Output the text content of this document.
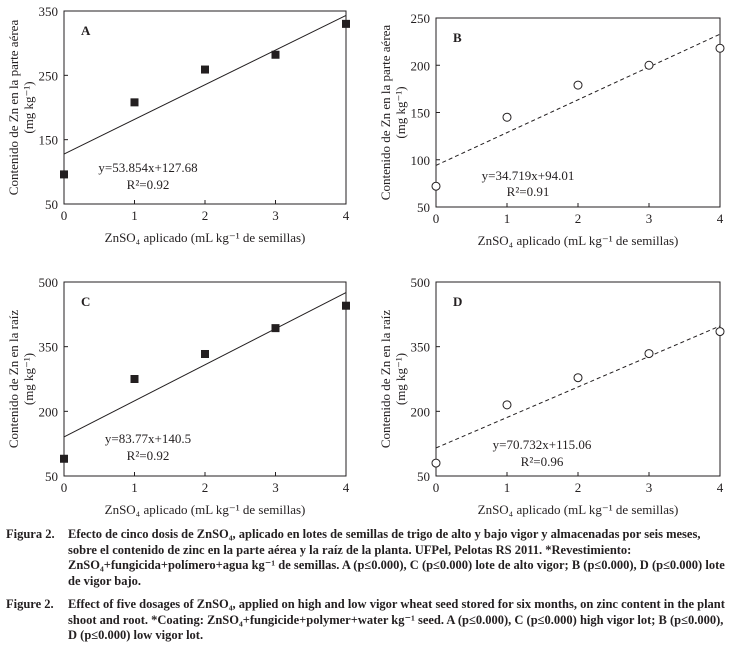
0	1	2	3	4
50
150
250
350
A
y=53.854x+127.68
R²=0.92
ZnSO₄ aplicado (mL kg⁻¹ de semillas)
Contenido de Zn en la parte aérea (mg kg⁻¹)
0	1	2	3	4
50
100
150
200
250
B
y=34.719x+94.01
R²=0.91
ZnSO₄ aplicado (mL kg⁻¹ de semillas)
Contenido de Zn en la parte aérea (mg kg⁻¹)
0	1	2	3	4
50
200
350
500
C
y=83.77x+140.5
R²=0.92
ZnSO₄ aplicado (mL kg⁻¹ de semillas)
Contenido de Zn en la raíz (mg kg⁻¹)
0	1	2	3	4
50
200
350
500
D
y=70.732x+115.06
R²=0.96
ZnSO₄ aplicado (mL kg⁻¹ de semillas)
Contenido de Zn en la raíz (mg kg⁻¹)
Figura 2. Efecto de cinco dosis de ZnSO₄, aplicado en lotes de semillas de trigo de alto y bajo vigor y almacenadas por seis meses, sobre el contenido de zinc en la parte aérea y la raíz de la planta. UFPel, Pelotas RS 2011. *Revestimiento: ZnSO₄+fungicida+polímero+agua kg⁻¹ de semillas. A (p≤0.000), C (p≤0.000) lote de alto vigor; B (p≤0.000), D (p≤0.000) lote de vigor bajo.
Figure 2. Effect of five dosages of ZnSO₄, applied on high and low vigor wheat seed stored for six months, on zinc content in the plant shoot and root. *Coating: ZnSO₄+fungicide+polymer+water kg⁻¹ seed. A (p≤0.000), C (p≤0.000) high vigor lot; B (p≤0.000), D (p≤0.000) low vigor lot.
